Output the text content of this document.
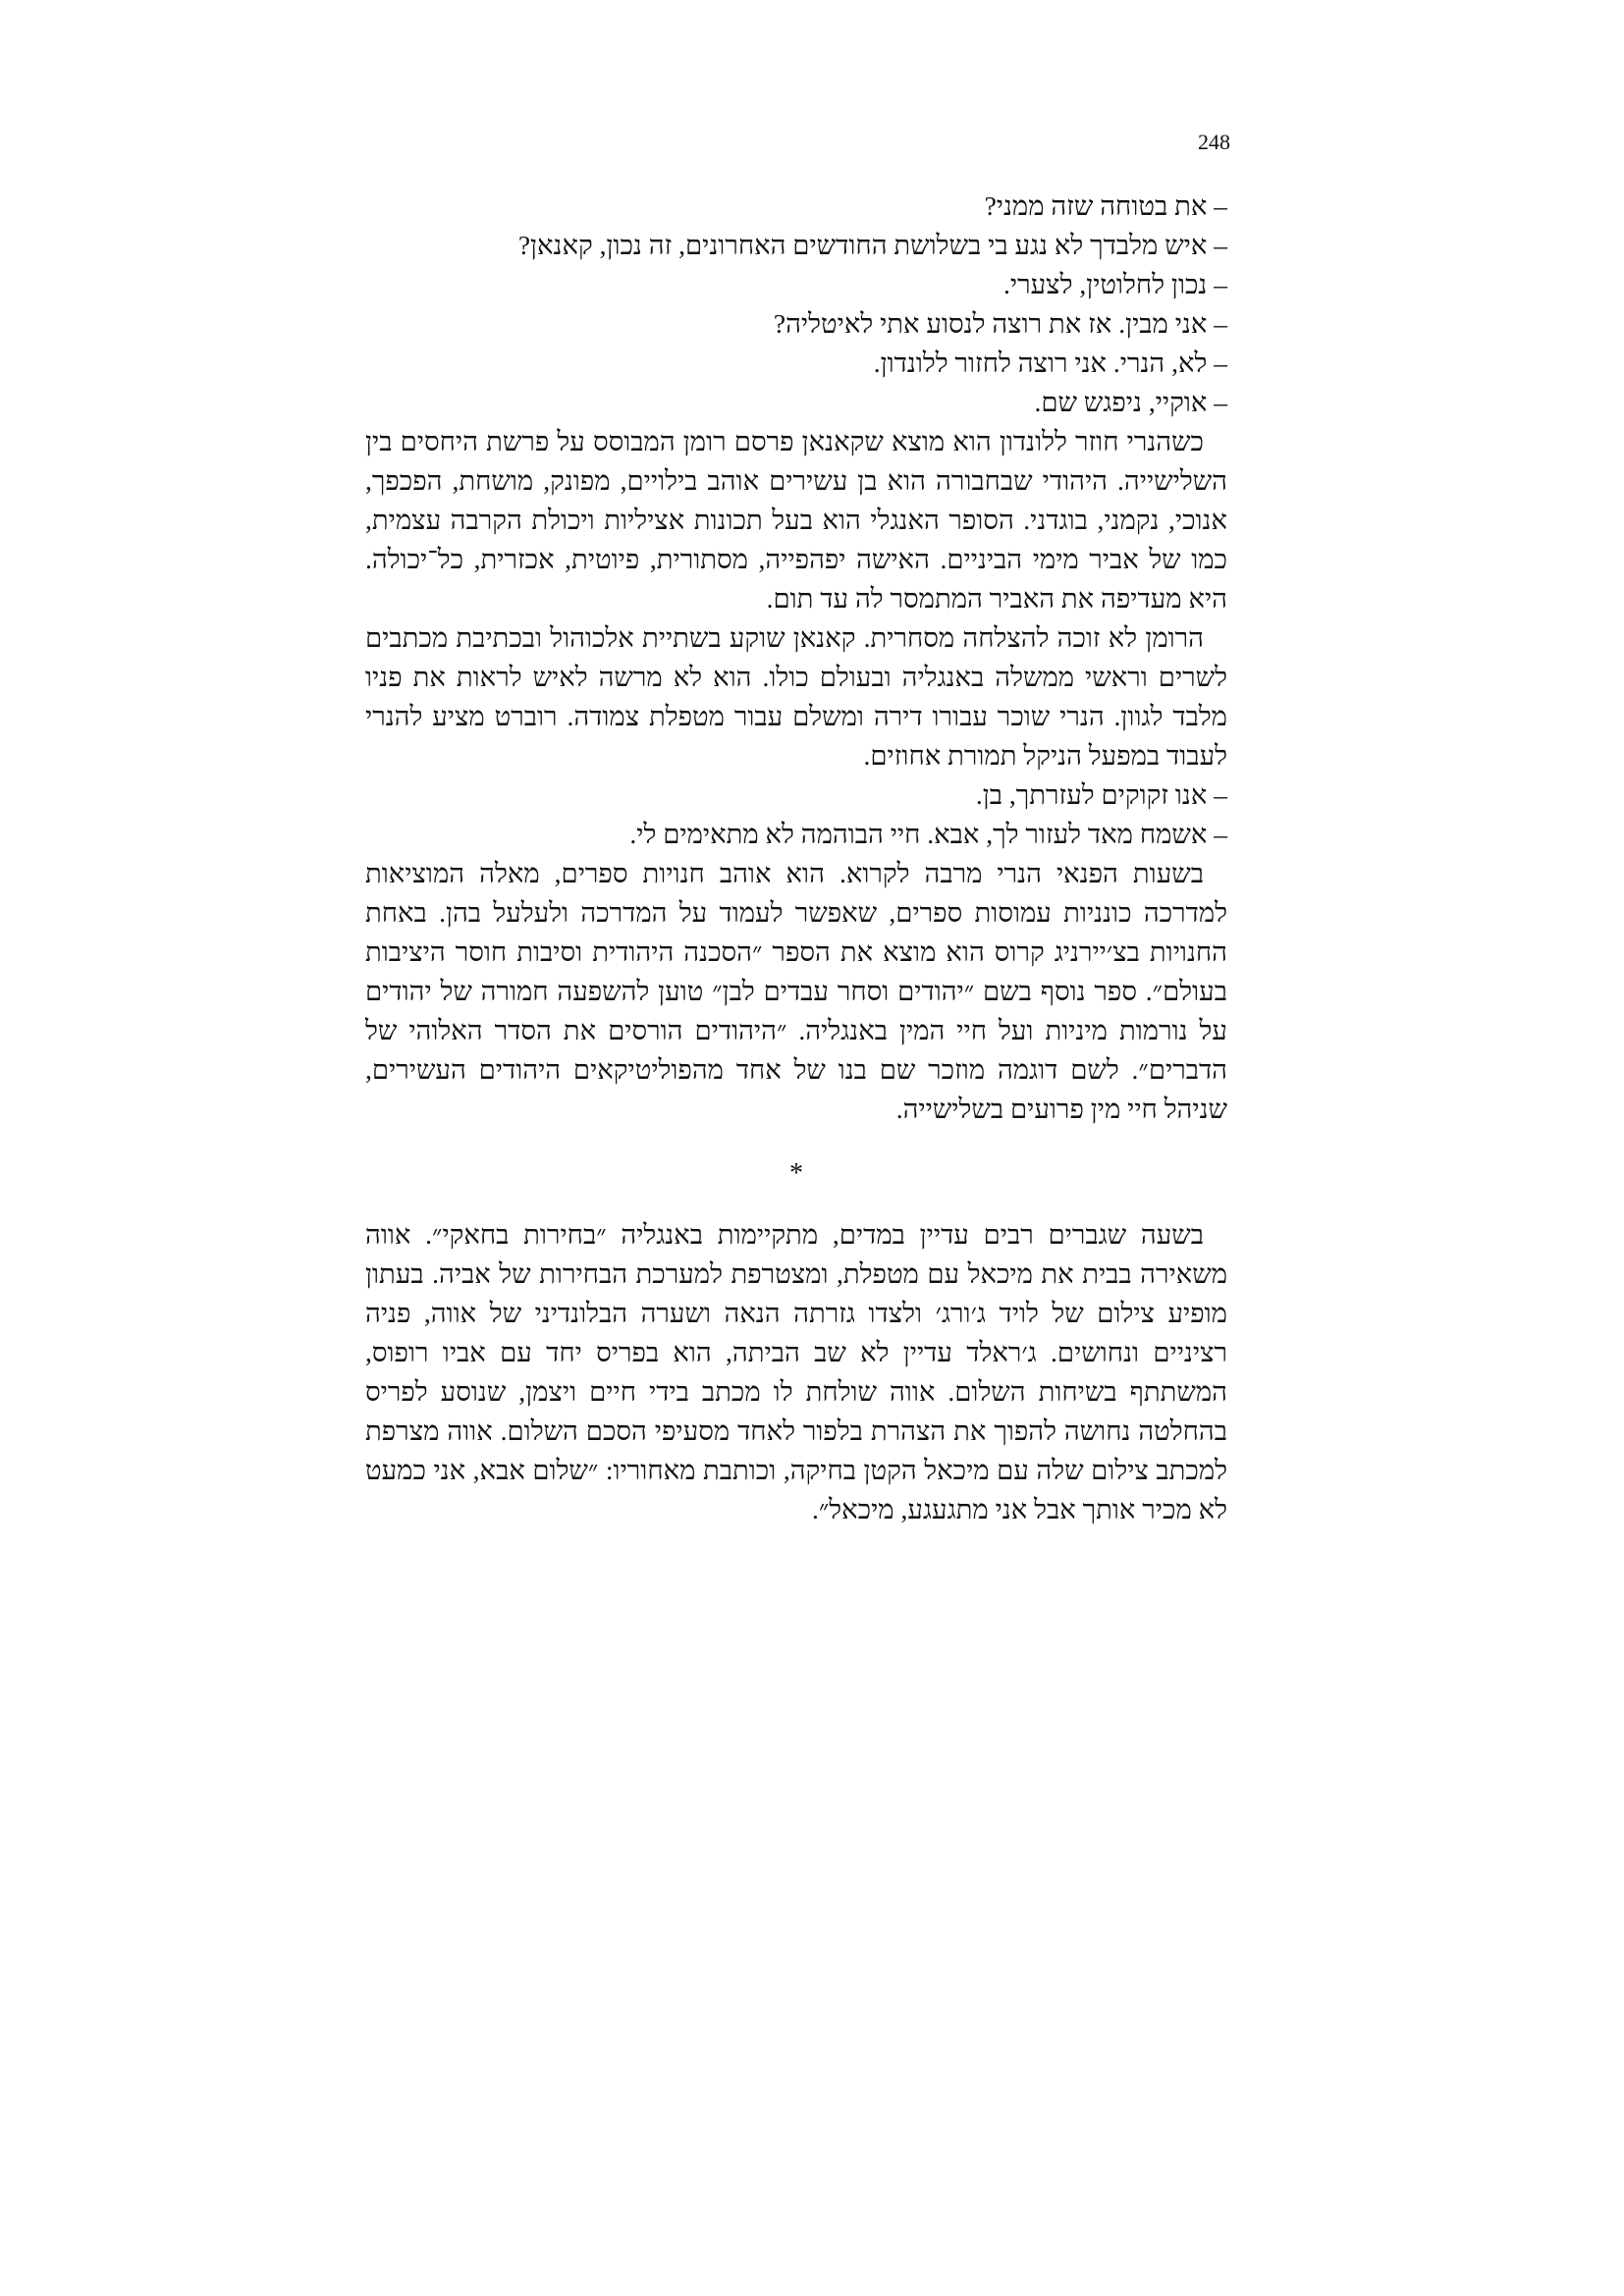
248

– את בטוחה שזה ממני?

– איש מלבדך לא נגע בי בשלושת החודשים האחרונים, זה נכון, קאנאן?

– נכון לחלוטין, לצערי.

– אני מבין. אז את רוצה לנסוע אתי לאיטליה?

– לא, הנרי. אני רוצה לחזור ללונדון.

– אוקיי, ניפגש שם.

כשהנרי חוזר ללונדון הוא מוצא שקאנאן פרסם רומן המבוסס על פרשת היחסים בין השלישייה. היהודי שבחבורה הוא בן עשירים אוהב בילויים, מפונק, מושחת, הפכפך, אנוכי, נקמני, בוגדני. הסופר האנגלי הוא בעל תכונות אציליות ויכולת הקרבה עצמית, כמו של אביר מימי הביניים. האישה יפהפייה, מסתורית, פיוטית, אכזרית, כל־יכולה. היא מעדיפה את האביר המתמסר לה עד תום.

הרומן לא זוכה להצלחה מסחרית. קאנאן שוקע בשתיית אלכוהול ובכתיבת מכתבים לשרים וראשי ממשלה באנגליה ובעולם כולו. הוא לא מרשה לאיש לראות את פניו מלבד לגוון. הנרי שוכר עבורו דירה ומשלם עבור מטפלת צמודה. רוברט מציע להנרי לעבוד במפעל הניקל תמורת אחוזים.

– אנו זקוקים לעזרתך, בן.

– אשמח מאד לעזור לך, אבא. חיי הבוהמה לא מתאימים לי.

בשעות הפנאי הנרי מרבה לקרוא. הוא אוהב חנויות ספרים, מאלה המוציאות למדרכה כונניות עמוסות ספרים, שאפשר לעמוד על המדרכה ולעלעל בהן. באחת החנויות בצ׳יירניג קרוס הוא מוצא את הספר ״הסכנה היהודית וסיבות חוסר היציבות בעולם״. ספר נוסף בשם ״יהודים וסחר עבדים לבן״ טוען להשפעה חמורה של יהודים על נורמות מיניות ועל חיי המין באנגליה. ״היהודים הורסים את הסדר האלוהי של הדברים״. לשם דוגמה מוזכר שם בנו של אחד מהפוליטיקאים היהודים העשירים, שניהל חיי מין פרועים בשלישייה.

*

בשעה שגברים רבים עדיין במדים, מתקיימות באנגליה ״בחירות בחאקי״. אווה משאירה בבית את מיכאל עם מטפלת, ומצטרפת למערכת הבחירות של אביה. בעתון מופיע צילום של לויד ג׳ורג׳ ולצדו גזרתה הנאה ושערה הבלונדיני של אווה, פניה רציניים ונחושים. ג׳ראלד עדיין לא שב הביתה, הוא בפריס יחד עם אביו רופוס, המשתתף בשיחות השלום. אווה שולחת לו מכתב בידי חיים ויצמן, שנוסע לפריס בהחלטה נחושה להפוך את הצהרת בלפור לאחד מסעיפי הסכם השלום. אווה מצרפת למכתב צילום שלה עם מיכאל הקטן בחיקה, וכותבת מאחוריו: ״שלום אבא, אני כמעט לא מכיר אותך אבל אני מתגעגע, מיכאל״.
